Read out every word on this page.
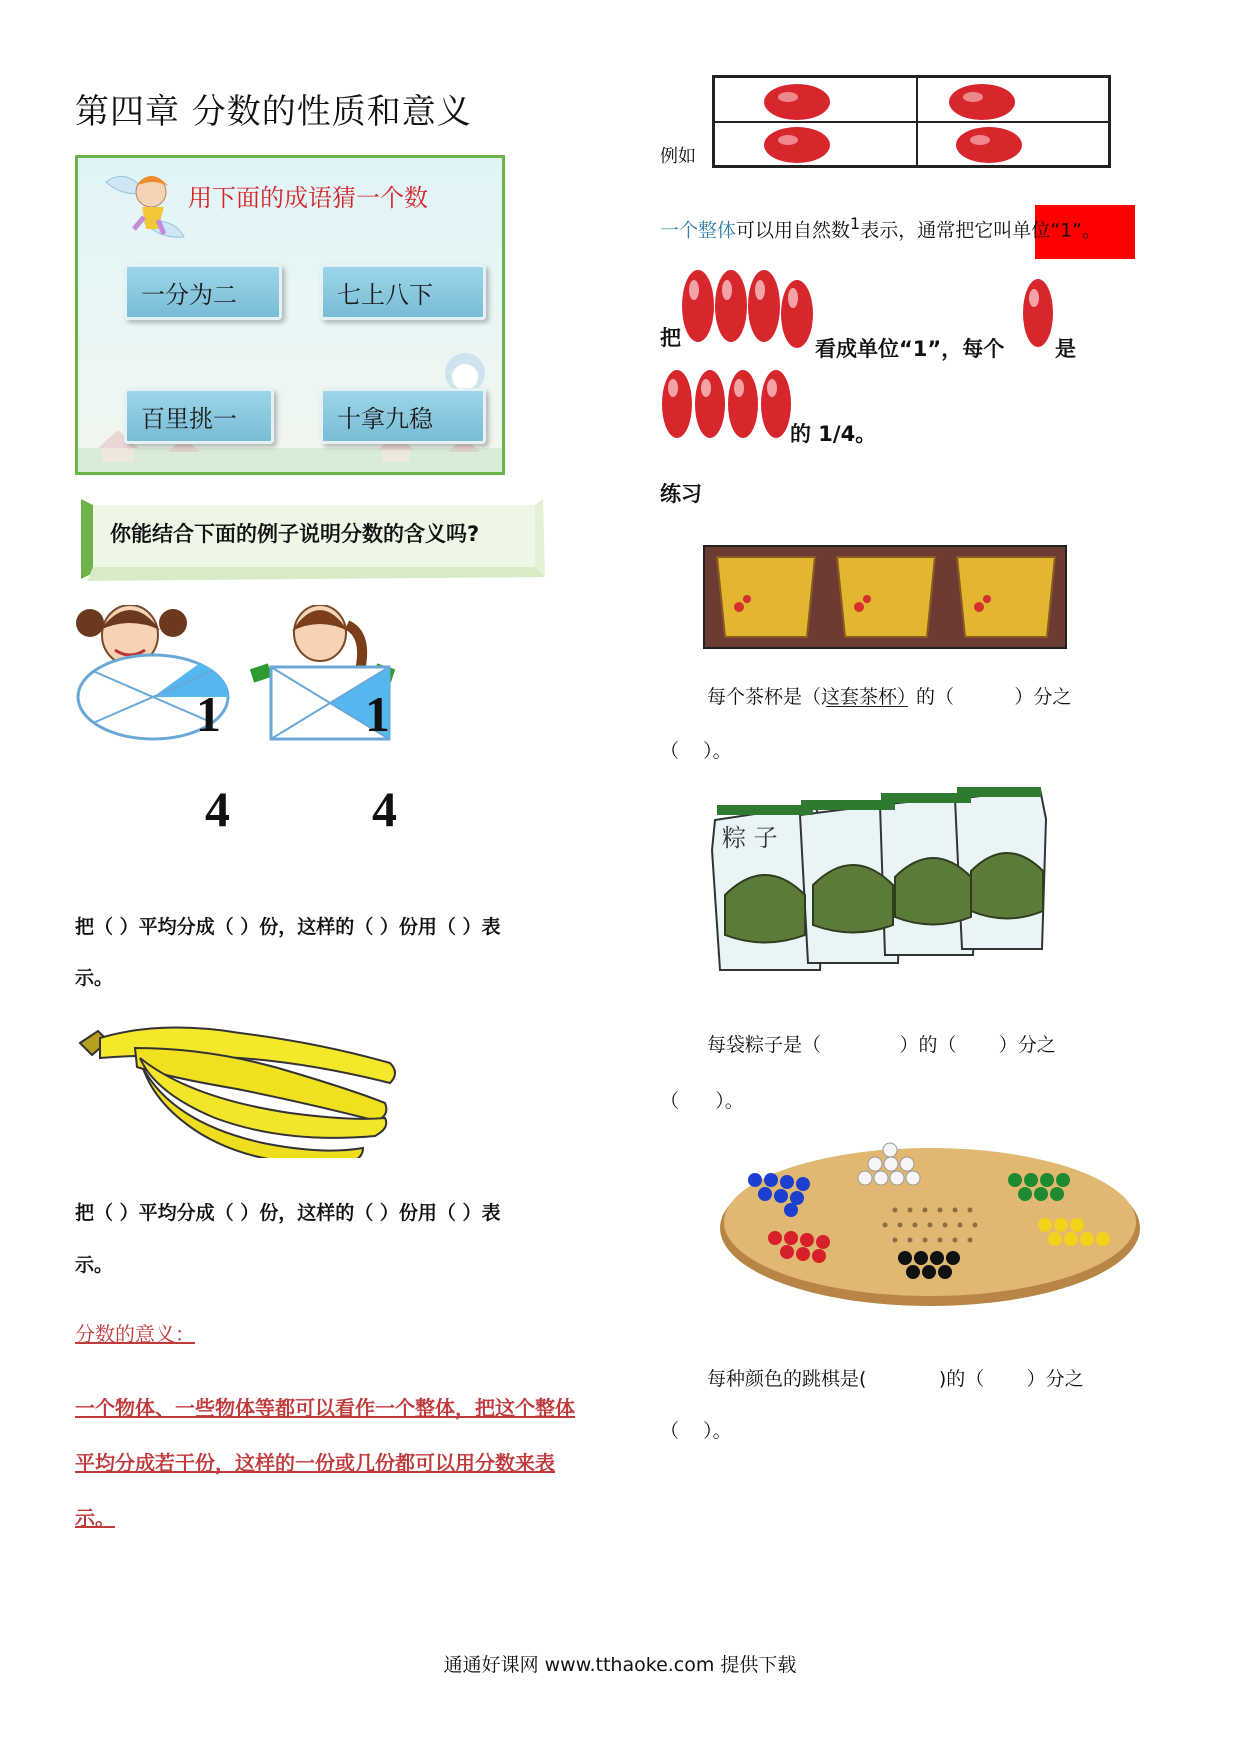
第四章 分数的性质和意义
用下面的成语猜一个数
一分为二	七上八下
百里挑一	十拿九稳
你能结合下面的例子说明分数的含义吗?
1	1
4	4
把（ ）平均分成（ ）份，这样的（ ）份用（ ）表
示。
把（ ）平均分成（ ）份，这样的（ ）份用（ ）表
示。
分数的意义：
一个物体、一些物体等都可以看作一个整体，把这个整体
平均分成若干份，这样的一份或几份都可以用分数来表
示。
例如
一个整体可以用自然数$^1$表示，通常把它叫单位“1”。
把	看成单位“1”，每个 是
的 1/4。
练习
每个茶杯是（这套茶杯）的（          ）分之
（    ）。
粽 子
每袋粽子是（             ）的（       ）分之
（      ）。
每种颜色的跳棋是(            )的（       ）分之
（    ）。
通通好课网 www.tthaoke.com 提供下载
